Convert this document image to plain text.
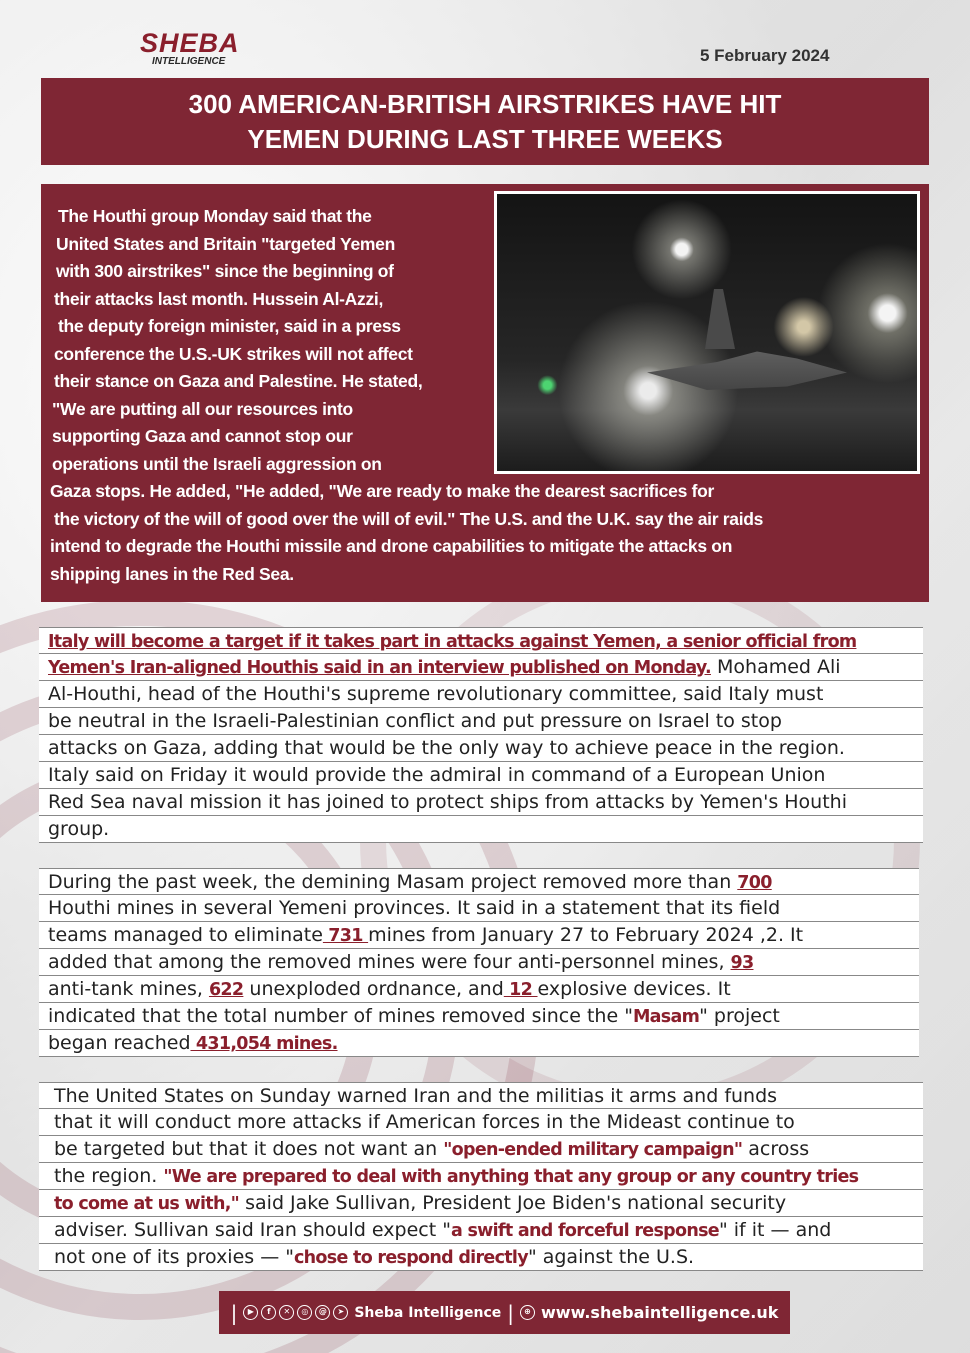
SHEBA
INTELLIGENCE	5 February 2024
300 AMERICAN-BRITISH AIRSTRIKES HAVE HIT
YEMEN DURING LAST THREE WEEKS
The Houthi group Monday said that the
United States and Britain "targeted Yemen
with 300 airstrikes" since the beginning of
their attacks last month. Hussein Al-Azzi,
the deputy foreign minister, said in a press
conference the U.S.-UK strikes will not affect
their stance on Gaza and Palestine. He stated,
"We are putting all our resources into
supporting Gaza and cannot stop our
operations until the Israeli aggression on
Gaza stops. He added, "He added, "We are ready to make the dearest sacrifices for
the victory of the will of good over the will of evil." The U.S. and the U.K. say the air raids
intend to degrade the Houthi missile and drone capabilities to mitigate the attacks on
shipping lanes in the Red Sea.
Italy will become a target if it takes part in attacks against Yemen, a senior official from
Yemen's Iran-aligned Houthis said in an interview published on Monday. Mohamed Ali
Al-Houthi, head of the Houthi's supreme revolutionary committee, said Italy must
be neutral in the Israeli-Palestinian conflict and put pressure on Israel to stop
attacks on Gaza, adding that would be the only way to achieve peace in the region.
Italy said on Friday it would provide the admiral in command of a European Union
Red Sea naval mission it has joined to protect ships from attacks by Yemen's Houthi
group.
During the past week, the demining Masam project removed more than 700
Houthi mines in several Yemeni provinces. It said in a statement that its field
teams managed to eliminate 731 mines from January 27 to February 2024 ,2. It
added that among the removed mines were four anti-personnel mines, 93
anti-tank mines, 622 unexploded ordnance, and 12 explosive devices. It
indicated that the total number of mines removed since the "Masam" project
began reached 431,054 mines.
The United States on Sunday warned Iran and the militias it arms and funds
that it will conduct more attacks if American forces in the Mideast continue to
be targeted but that it does not want an "open-ended military campaign" across
the region. "We are prepared to deal with anything that any group or any country tries
to come at us with," said Jake Sullivan, President Joe Biden's national security
adviser. Sullivan said Iran should expect "a swift and forceful response" if it — and
not one of its proxies — "chose to respond directly" against the U.S.
|	▶	f	✕	◎	@	➤ Sheba Intelligence |	⊕ www.shebaintelligence.uk
